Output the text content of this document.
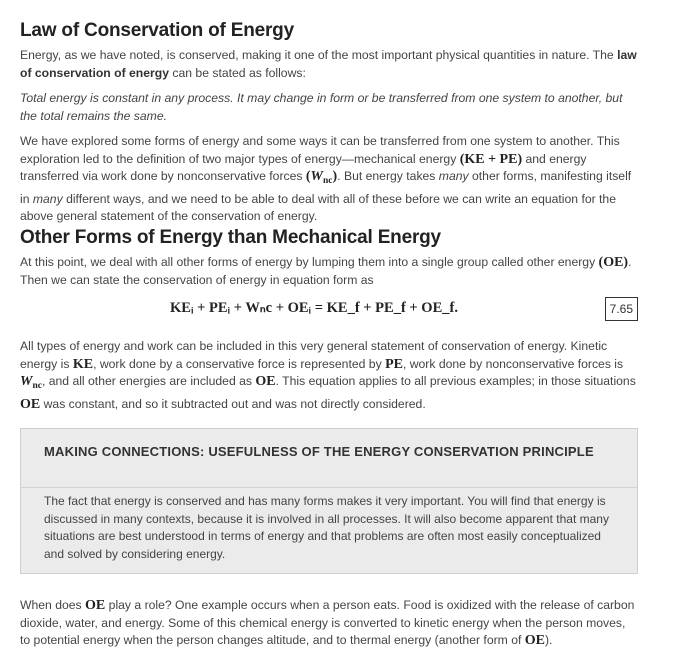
Law of Conservation of Energy

Energy, as we have noted, is conserved, making it one of the most important physical quantities in nature. The law of conservation of energy can be stated as follows:

Total energy is constant in any process. It may change in form or be transferred from one system to another, but the total remains the same.

We have explored some forms of energy and some ways it can be transferred from one system to another. This exploration led to the definition of two major types of energy—mechanical energy (KE + PE) and energy transferred via work done by nonconservative forces $(W_{nc})$. But energy takes many other forms, manifesting itself in many different ways, and we need to be able to deal with all of these before we can write an equation for the above general statement of the conservation of energy.

Other Forms of Energy than Mechanical Energy

At this point, we deal with all other forms of energy by lumping them into a single group called other energy (OE). Then we can state the conservation of energy in equation form as

KEᵢ + PEᵢ + Wₙc + OEᵢ = KE_f + PE_f + OE_f.	7.65

All types of energy and work can be included in this very general statement of conservation of energy. Kinetic energy is KE, work done by a conservative force is represented by PE, work done by nonconservative forces is $W_{nc}$, and all other energies are included as OE. This equation applies to all previous examples; in those situations OE was constant, and so it subtracted out and was not directly considered.

MAKING CONNECTIONS: USEFULNESS OF THE ENERGY CONSERVATION PRINCIPLE

The fact that energy is conserved and has many forms makes it very important. You will find that energy is discussed in many contexts, because it is involved in all processes. It will also become apparent that many situations are best understood in terms of energy and that problems are often most easily conceptualized and solved by considering energy.

When does OE play a role? One example occurs when a person eats. Food is oxidized with the release of carbon dioxide, water, and energy. Some of this chemical energy is converted to kinetic energy when the person moves, to potential energy when the person changes altitude, and to thermal energy (another form of OE).
